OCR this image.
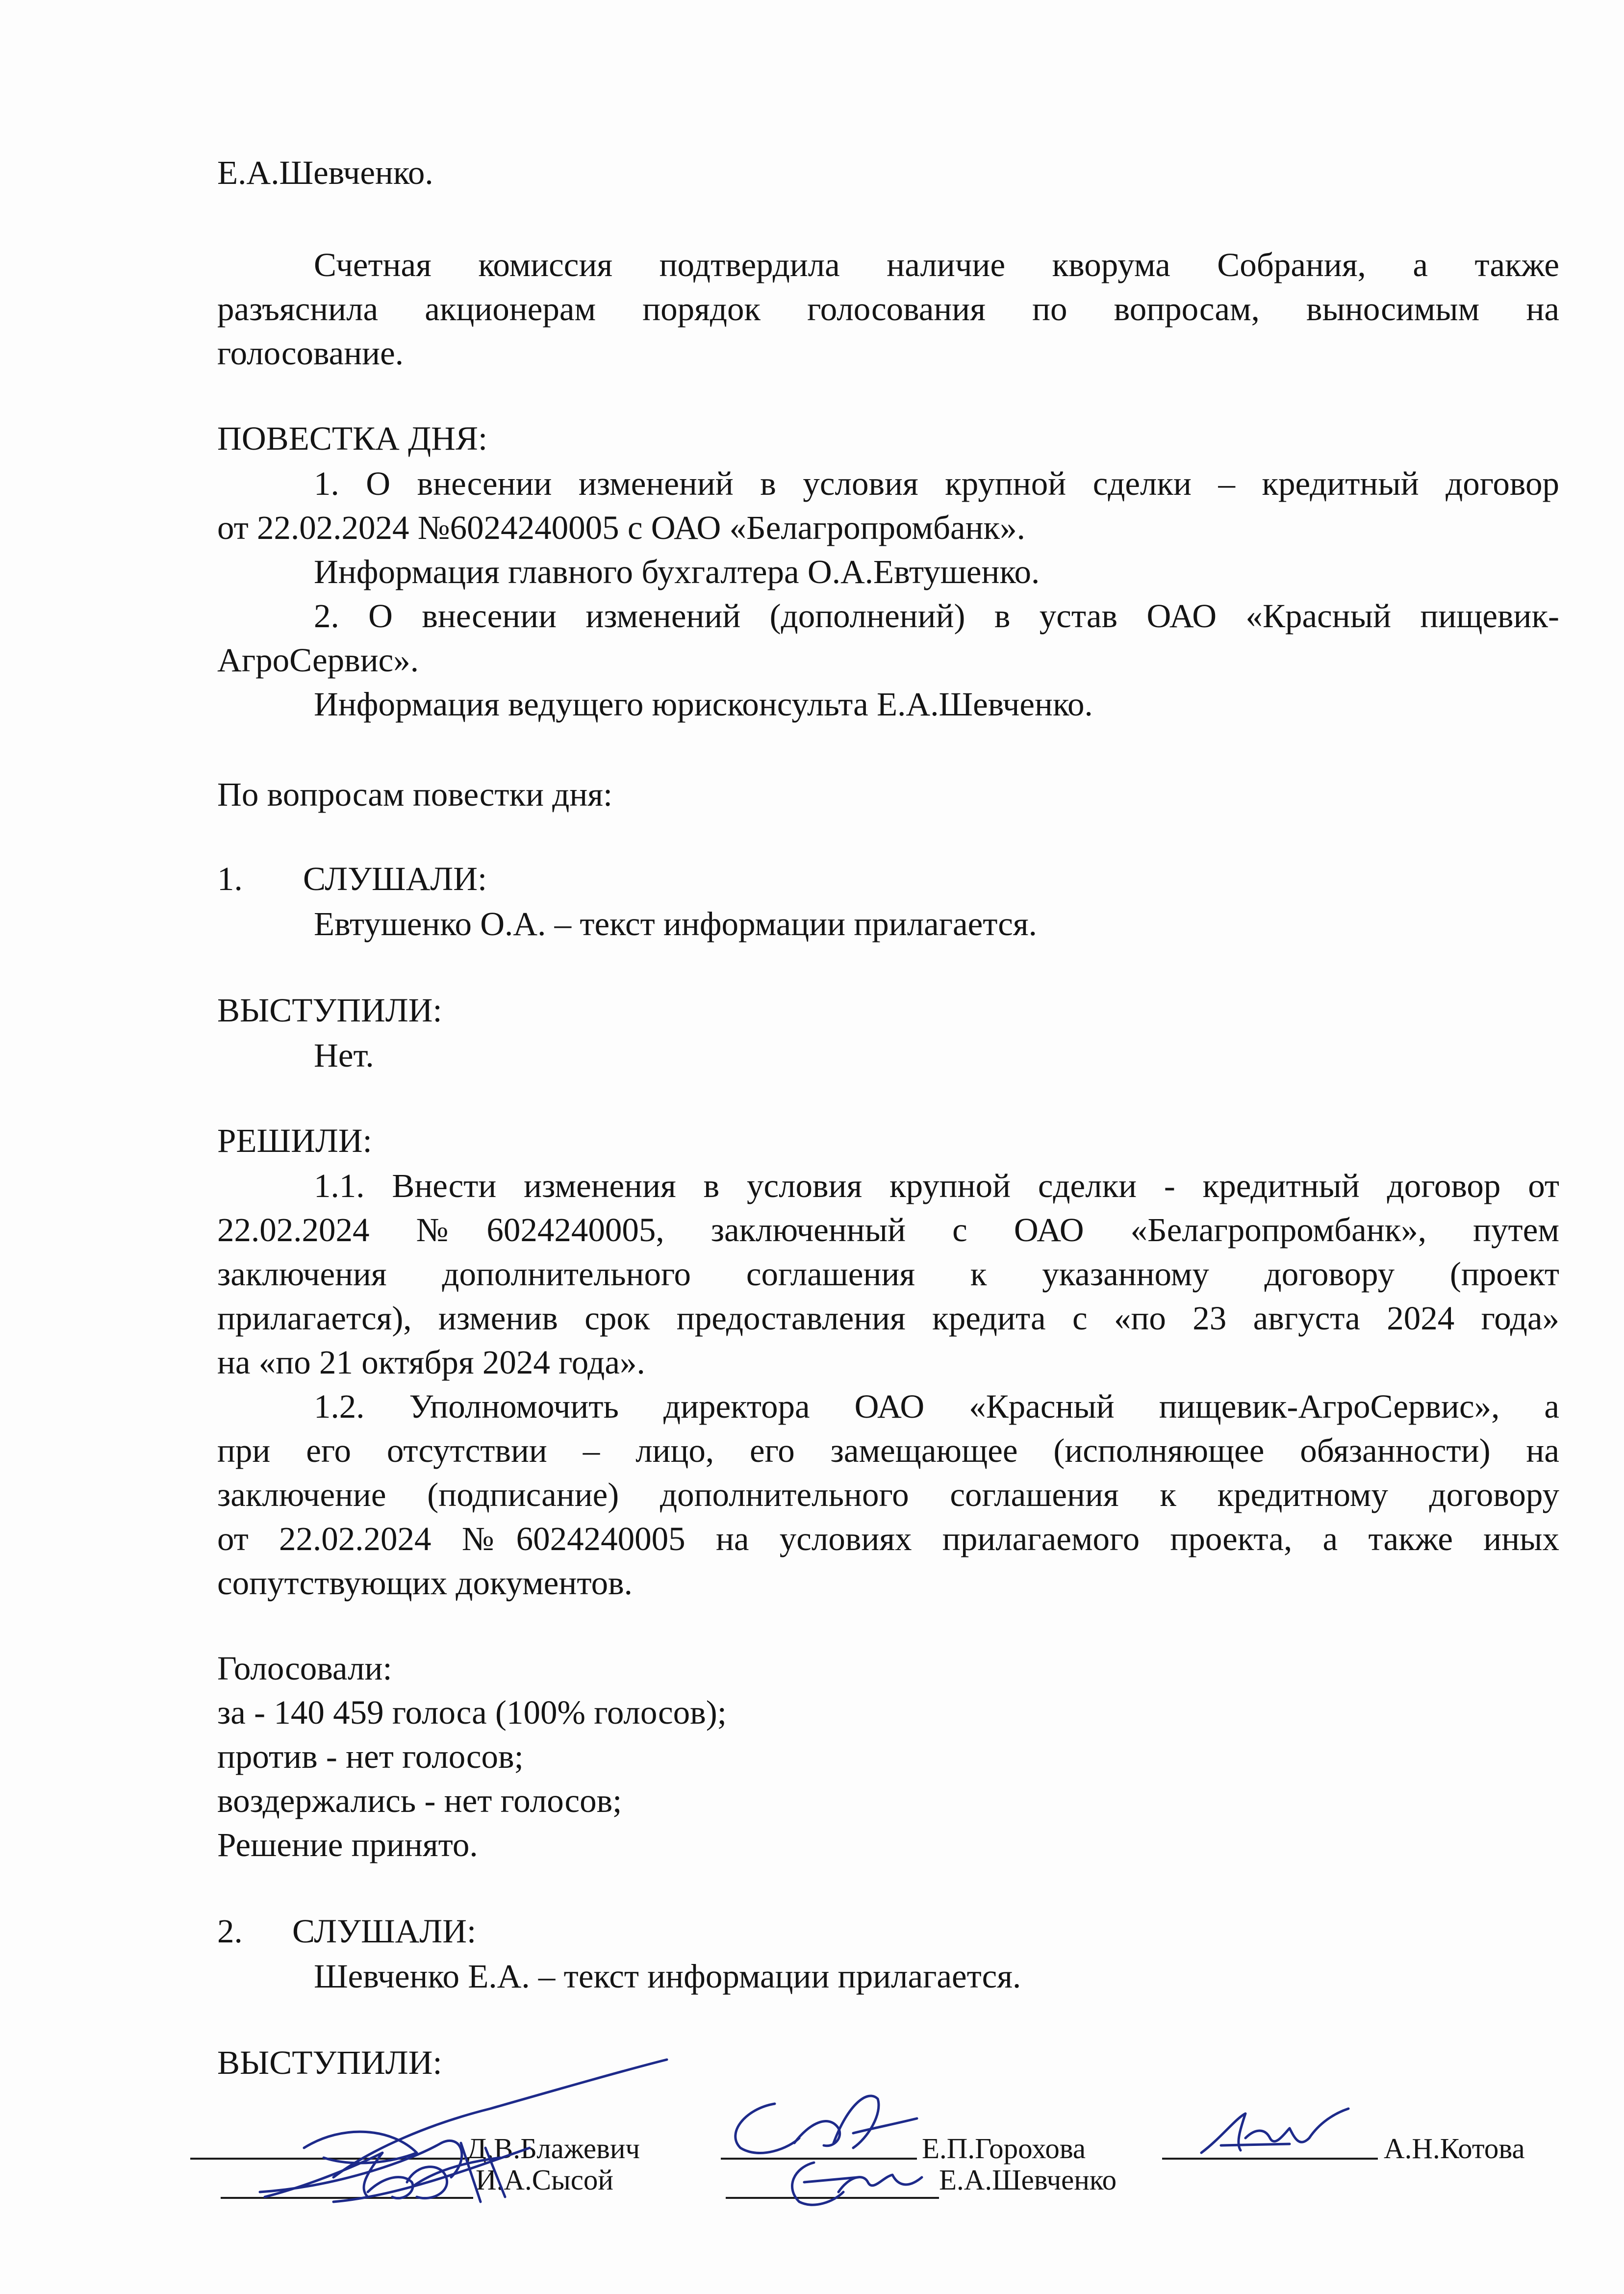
Е.А.Шевченко.
Счетная комиссия подтвердила наличие кворума Собрания, а также
разъяснила акционерам порядок голосования по вопросам, выносимым на
голосование.
ПОВЕСТКА ДНЯ:
1. О внесении изменений в условия крупной сделки – кредитный договор
от 22.02.2024 №6024240005 с ОАО «Белагропромбанк».
Информация главного бухгалтера О.А.Евтушенко.
2. О внесении изменений (дополнений) в устав ОАО «Красный пищевик-
АгроСервис».
Информация ведущего юрисконсульта Е.А.Шевченко.
По вопросам повестки дня:
1. СЛУШАЛИ:
Евтушенко О.А. – текст информации прилагается.
ВЫСТУПИЛИ:
Нет.
РЕШИЛИ:
1.1. Внести изменения в условия крупной сделки - кредитный договор от
22.02.2024 №6024240005, заключенный с ОАО «Белагропромбанк», путем
заключения дополнительного соглашения к указанному договору (проект
прилагается), изменив срок предоставления кредита с «по 23 августа 2024 года»
на «по 21 октября 2024 года».
1.2. Уполномочить директора ОАО «Красный пищевик-АгроСервис», а
при его отсутствии – лицо, его замещающее (исполняющее обязанности) на
заключение (подписание) дополнительного соглашения к кредитному договору
от 22.02.2024 №6024240005 на условиях прилагаемого проекта, а также иных
сопутствующих документов.
Голосовали:
за - 140 459 голоса (100% голосов);
против - нет голосов;
воздержались - нет голосов;
Решение принято.
2. СЛУШАЛИ:
Шевченко Е.А. – текст информации прилагается.
ВЫСТУПИЛИ:
Д.В.Блажевич	Е.П.Горохова	А.Н.Котова
И.А.Сысой	Е.А.Шевченко
